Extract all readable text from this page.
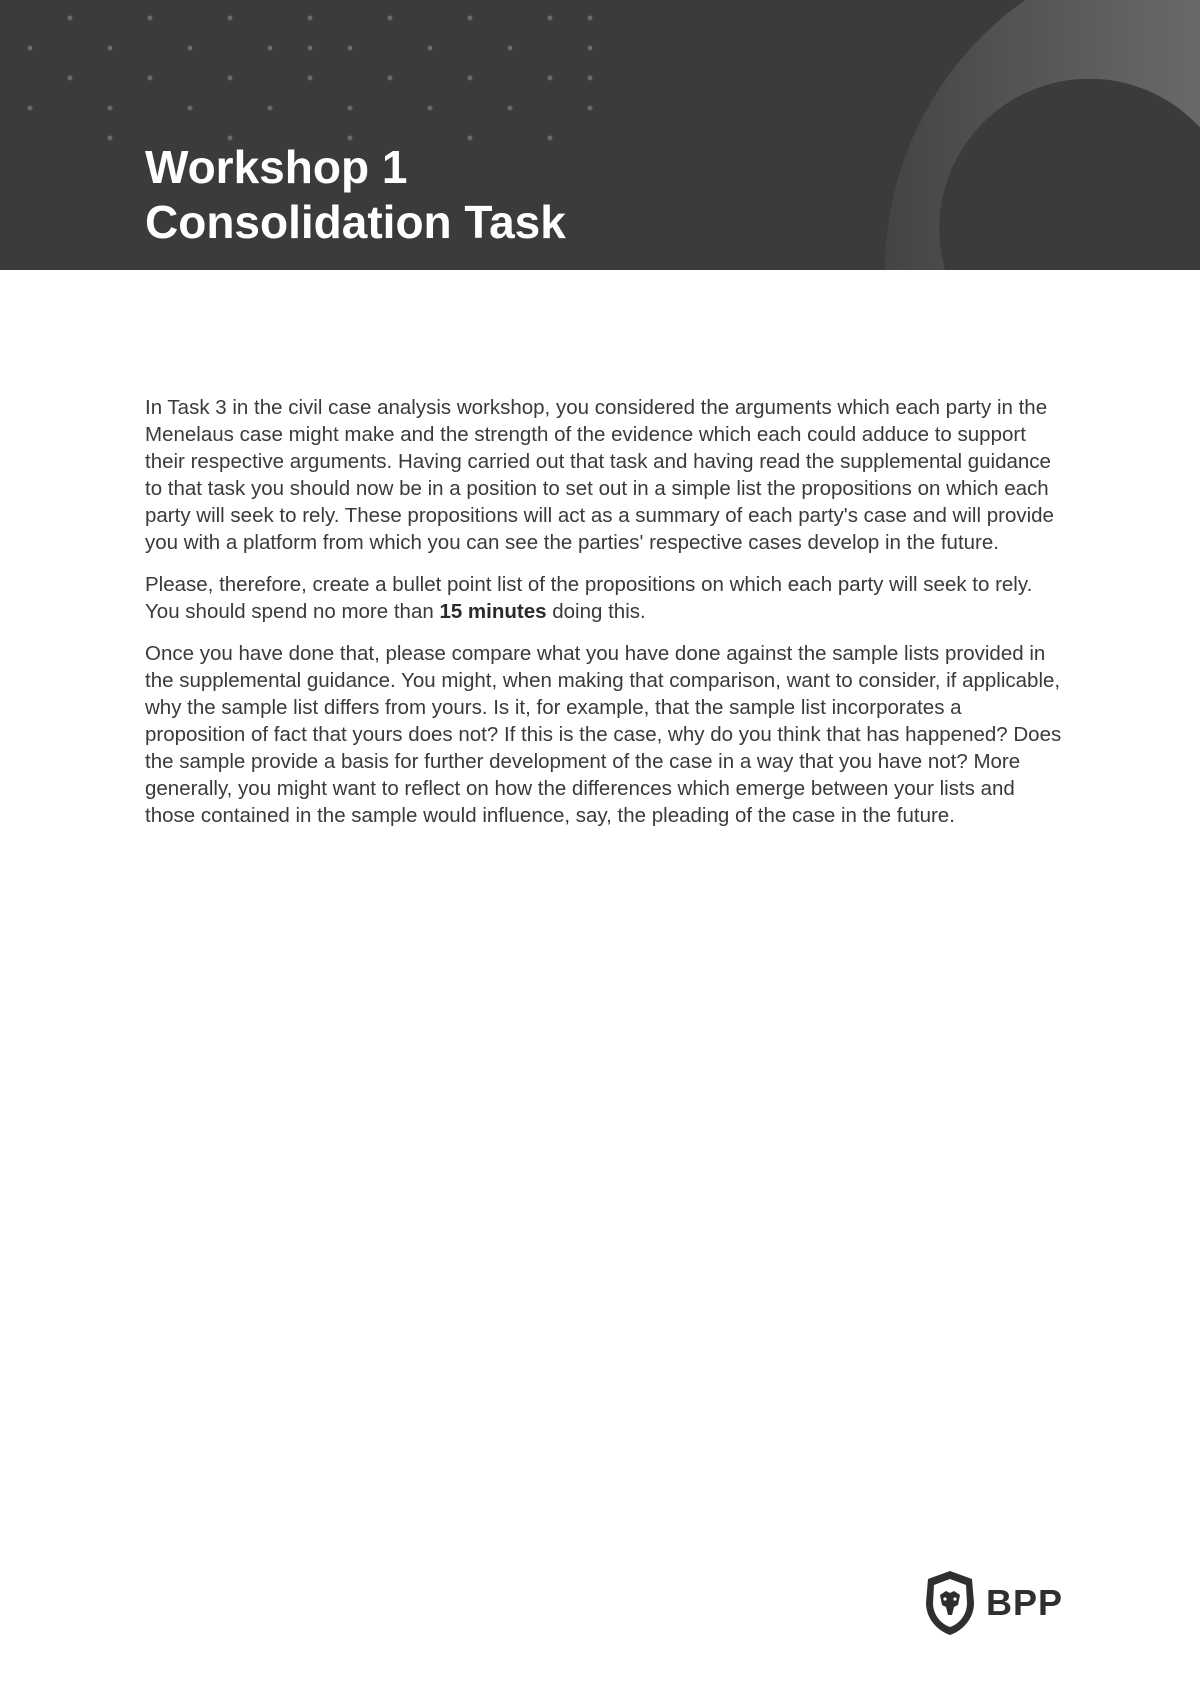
Workshop 1
Consolidation Task

In Task 3 in the civil case analysis workshop, you considered the arguments which each party in the Menelaus case might make and the strength of the evidence which each could adduce to support their respective arguments. Having carried out that task and having read the supplemental guidance to that task you should now be in a position to set out in a simple list the propositions on which each party will seek to rely. These propositions will act as a summary of each party's case and will provide you with a platform from which you can see the parties' respective cases develop in the future.

Please, therefore, create a bullet point list of the propositions on which each party will seek to rely. You should spend no more than 15 minutes doing this.

Once you have done that, please compare what you have done against the sample lists provided in the supplemental guidance. You might, when making that comparison, want to consider, if applicable, why the sample list differs from yours. Is it, for example, that the sample list incorporates a proposition of fact that yours does not? If this is the case, why do you think that has happened? Does the sample provide a basis for further development of the case in a way that you have not? More generally, you might want to reflect on how the differences which emerge between your lists and those contained in the sample would influence, say, the pleading of the case in the future.

BPP
